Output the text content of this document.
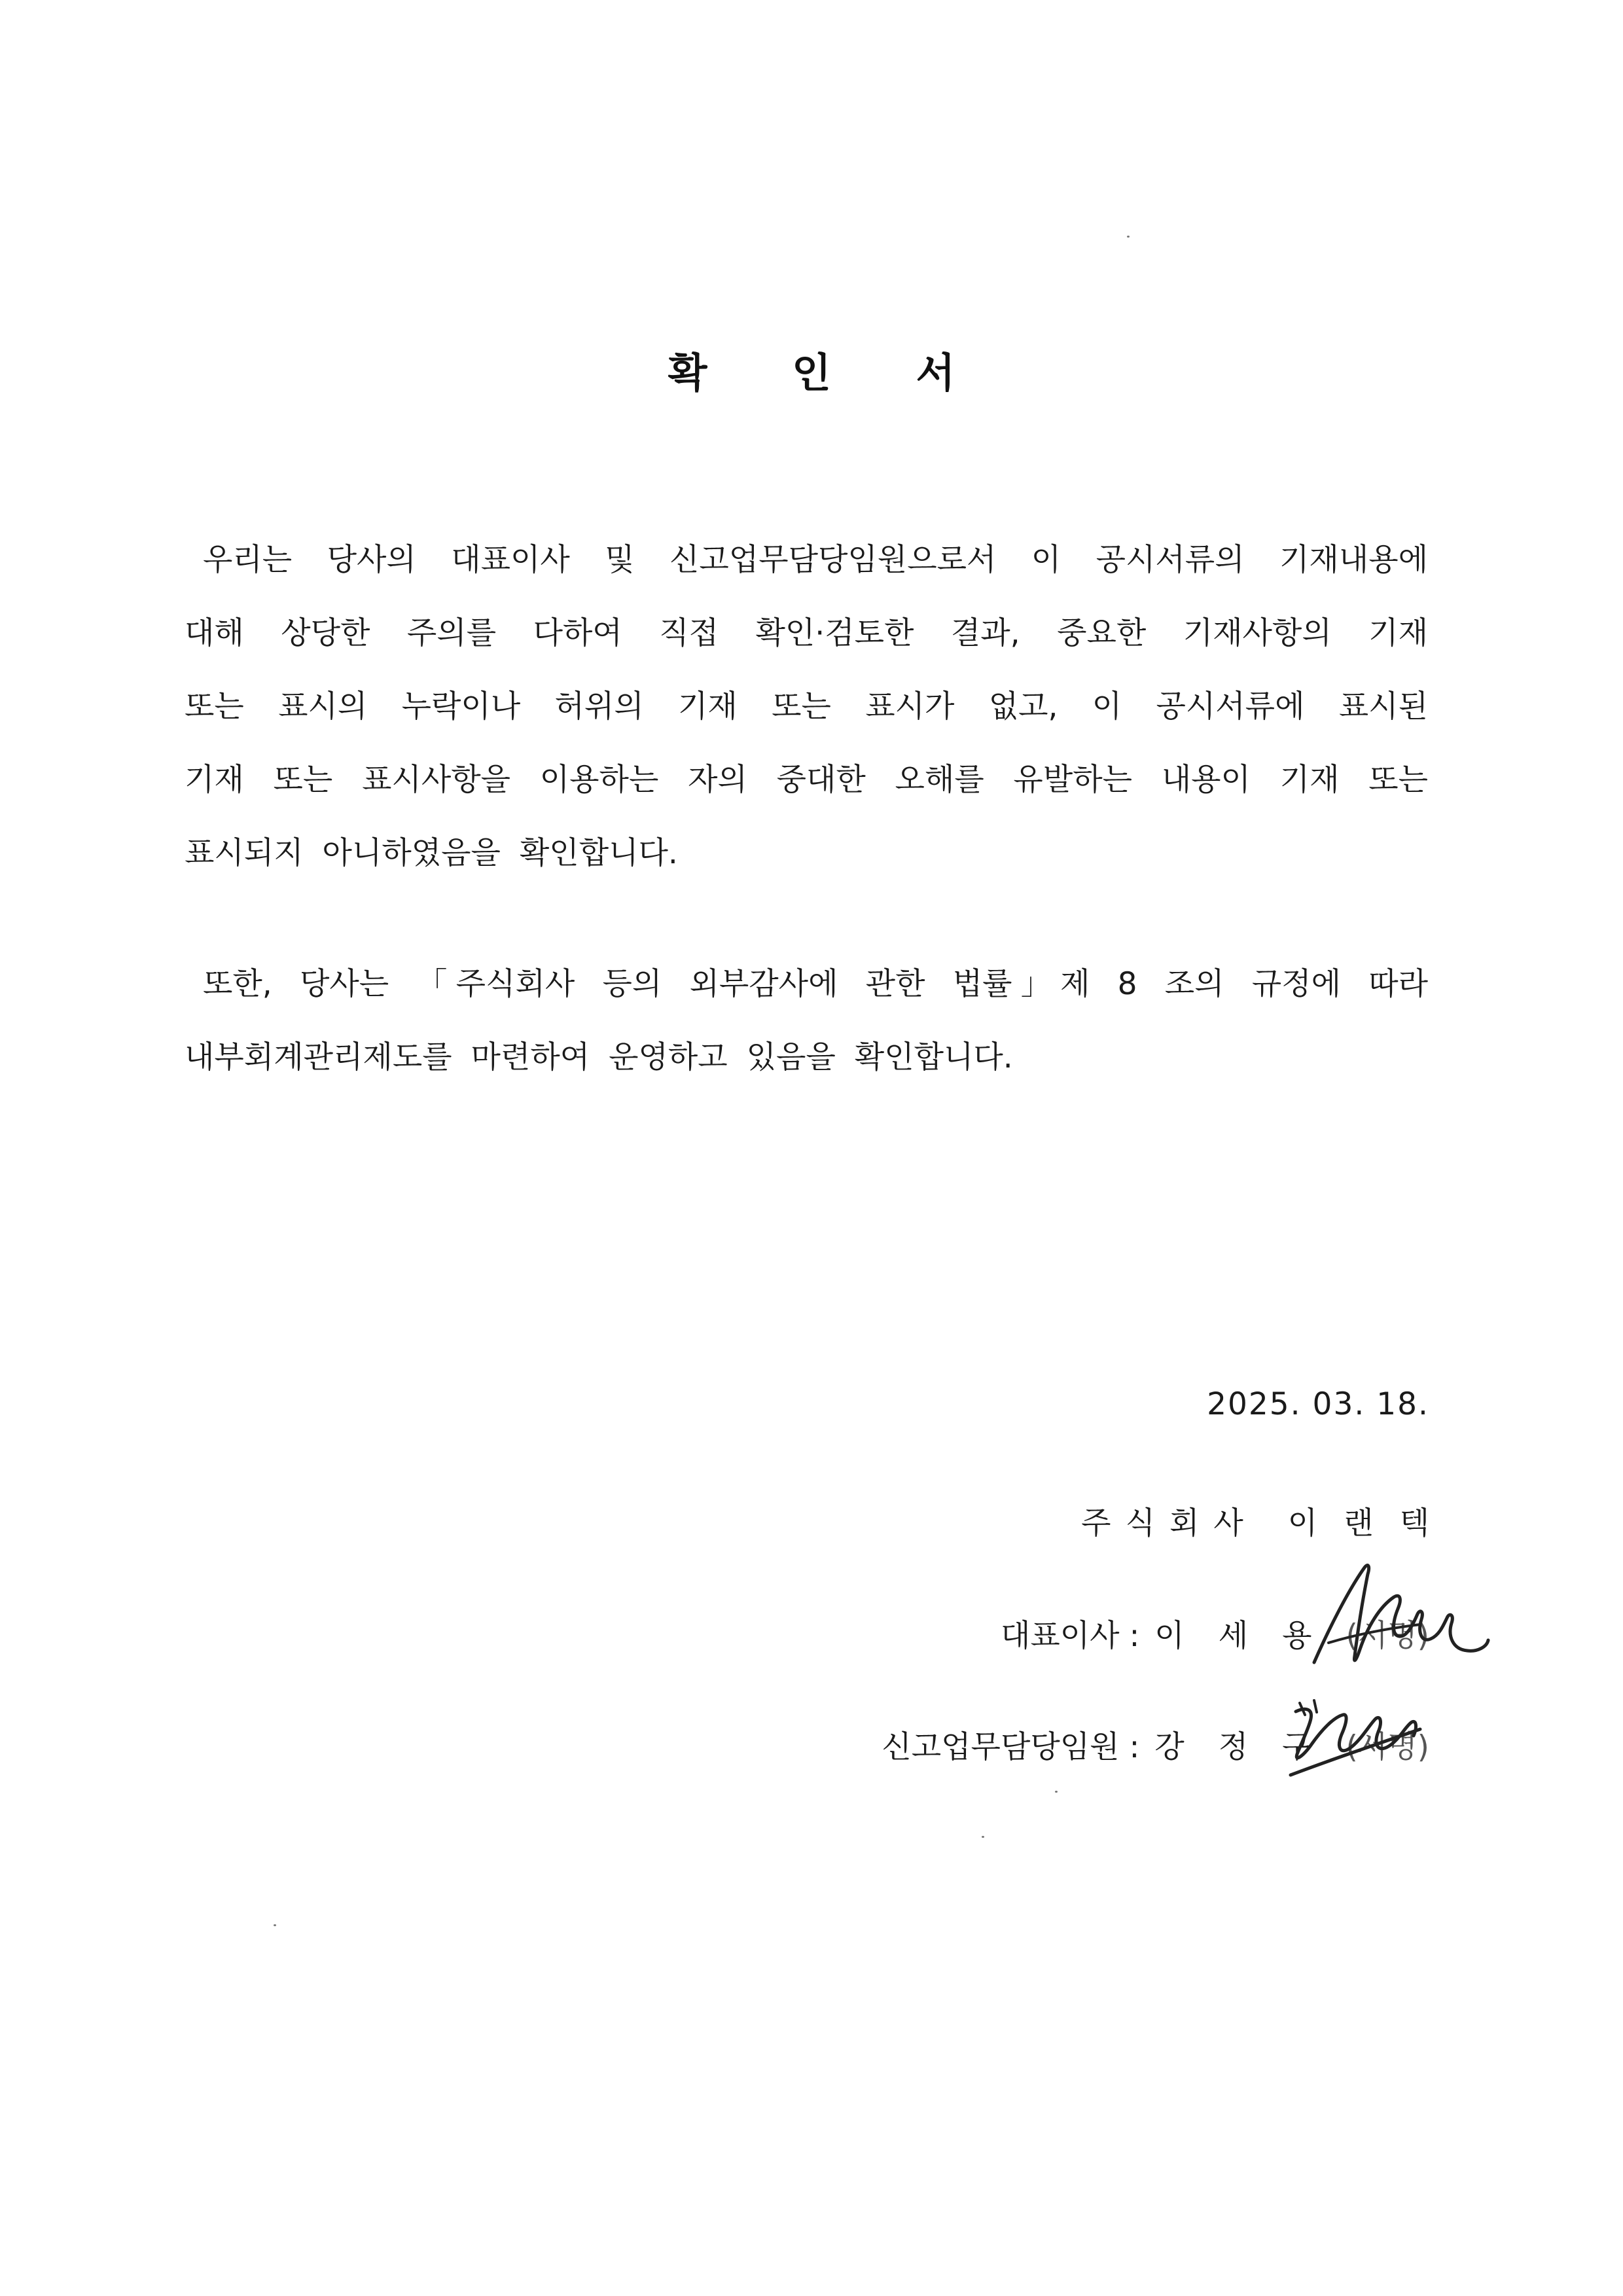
확 인 서
우리는 당사의 대표이사 및 신고업무담당임원으로서 이 공시서류의 기재내용에
대해 상당한 주의를 다하여 직접 확인·검토한 결과, 중요한 기재사항의 기재
또는 표시의 누락이나 허위의 기재 또는 표시가 없고, 이 공시서류에 표시된
기재 또는 표시사항을 이용하는 자의 중대한 오해를 유발하는 내용이 기재 또는
표시되지 아니하였음을 확인합니다.
또한, 당사는 「주식회사 등의 외부감사에 관한 법률」제 8 조의 규정에 따라
내부회계관리제도를 마련하여 운영하고 있음을 확인합니다.
2025. 03. 18.
주식회사 이랜텍
대표이사 : 이세용(서명)
신고업무담당임원 : 강정구(서명)
